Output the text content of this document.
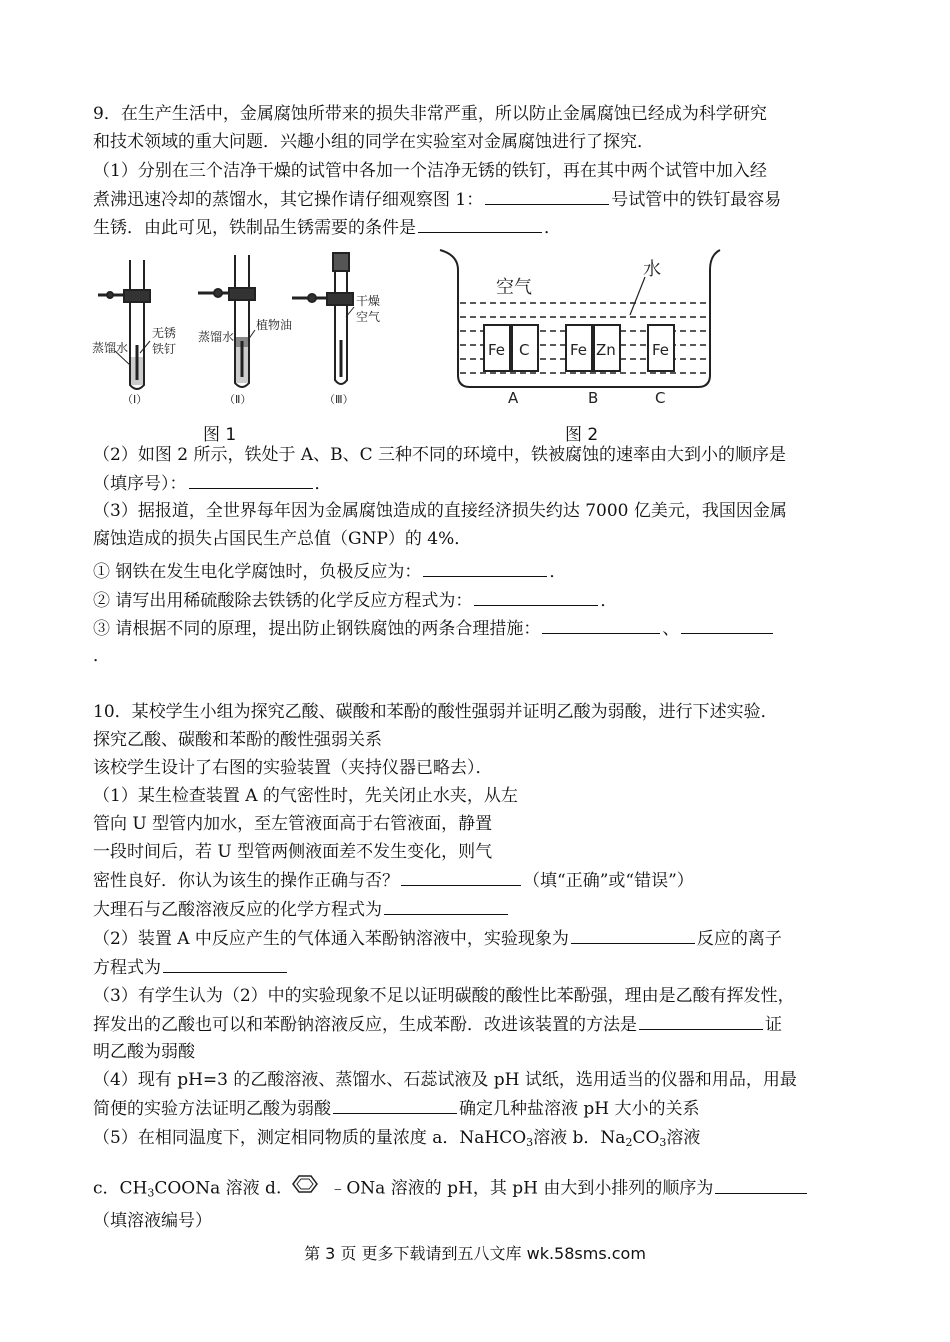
9．在生产生活中，金属腐蚀所带来的损失非常严重，所以防止金属腐蚀已经成为科学研究
和技术领域的重大问题．兴趣小组的同学在实验室对金属腐蚀进行了探究．
（1）分别在三个洁净干燥的试管中各加一个洁净无锈的铁钉，再在其中两个试管中加入经
煮沸迅速冷却的蒸馏水，其它操作请仔细观察图 1：	号试管中的铁钉最容易
生锈．由此可见，铁制品生锈需要的条件是	．
蒸馏水
无锈
铁钉
（Ⅰ）
蒸馏水
植物油
（Ⅱ）
干燥
空气
（Ⅲ）
空气
水
Fe C	Fe Zn Fe
A	B	C
图 1	图 2
（2）如图 2 所示，铁处于 A、B、C 三种不同的环境中，铁被腐蚀的速率由大到小的顺序是
（填序号）：	．
（3）据报道，全世界每年因为金属腐蚀造成的直接经济损失约达 7000 亿美元，我国因金属
腐蚀造成的损失占国民生产总值（GNP）的 4%．
① 钢铁在发生电化学腐蚀时，负极反应为：	．
② 请写出用稀硫酸除去铁锈的化学反应方程式为：	．
③ 请根据不同的原理，提出防止钢铁腐蚀的两条合理措施：	、
．
10．某校学生小组为探究乙酸、碳酸和苯酚的酸性强弱并证明乙酸为弱酸，进行下述实验．
探究乙酸、碳酸和苯酚的酸性强弱关系
该校学生设计了右图的实验装置（夹持仪器已略去）．
（1）某生检查装置 A 的气密性时，先关闭止水夹，从左
管向 U 型管内加水，至左管液面高于右管液面，静置
一段时间后，若 U 型管两侧液面差不发生变化，则气
密性良好．你认为该生的操作正确与否？	（填“正确”或“错误”）
大理石与乙酸溶液反应的化学方程式为
（2）装置 A 中反应产生的气体通入苯酚钠溶液中，实验现象为	反应的离子
方程式为
（3）有学生认为（2）中的实验现象不足以证明碳酸的酸性比苯酚强，理由是乙酸有挥发性，
挥发出的乙酸也可以和苯酚钠溶液反应，生成苯酚．改进该装置的方法是	证
明乙酸为弱酸
（4）现有 pH=3 的乙酸溶液、蒸馏水、石蕊试液及 pH 试纸，选用适当的仪器和用品，用最
简便的实验方法证明乙酸为弱酸	确定几种盐溶液 pH 大小的关系
（5）在相同温度下，测定相同物质的量浓度 a．NaHCO$_3$溶液 b．$Na_2CO_3$溶液
c．$CH_3COONa$ 溶液 d.	﹣ONa 溶液的 pH，其 pH 由大到小排列的顺序为
（填溶液编号）
第 3 页 更多下载请到五八文库 wk.58sms.com
